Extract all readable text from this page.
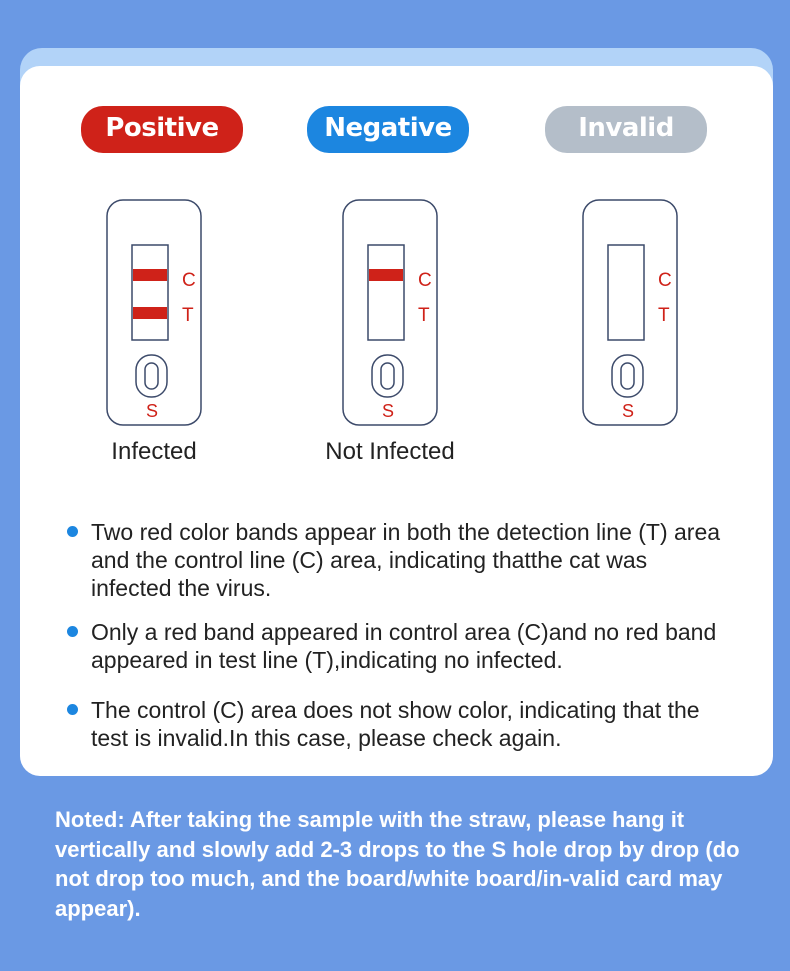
Positive
C
T
S
Infected
Negative
C
T
S
Not Infected
Invalid
C
T
S
Two red color bands appear in both the detection line (T) area and the control line (C) area, indicating thatthe cat was infected the virus.
Only a red band appeared in control area (C)and no red band appeared in test line (T),indicating no infected.
The control (C) area does not show color, indicating that the test is invalid.In this case, please check again.
Noted: After taking the sample with the straw, please hang it vertically and slowly add 2-3 drops to the S hole drop by drop (do not drop too much, and the board/white board/in-valid card may appear).
